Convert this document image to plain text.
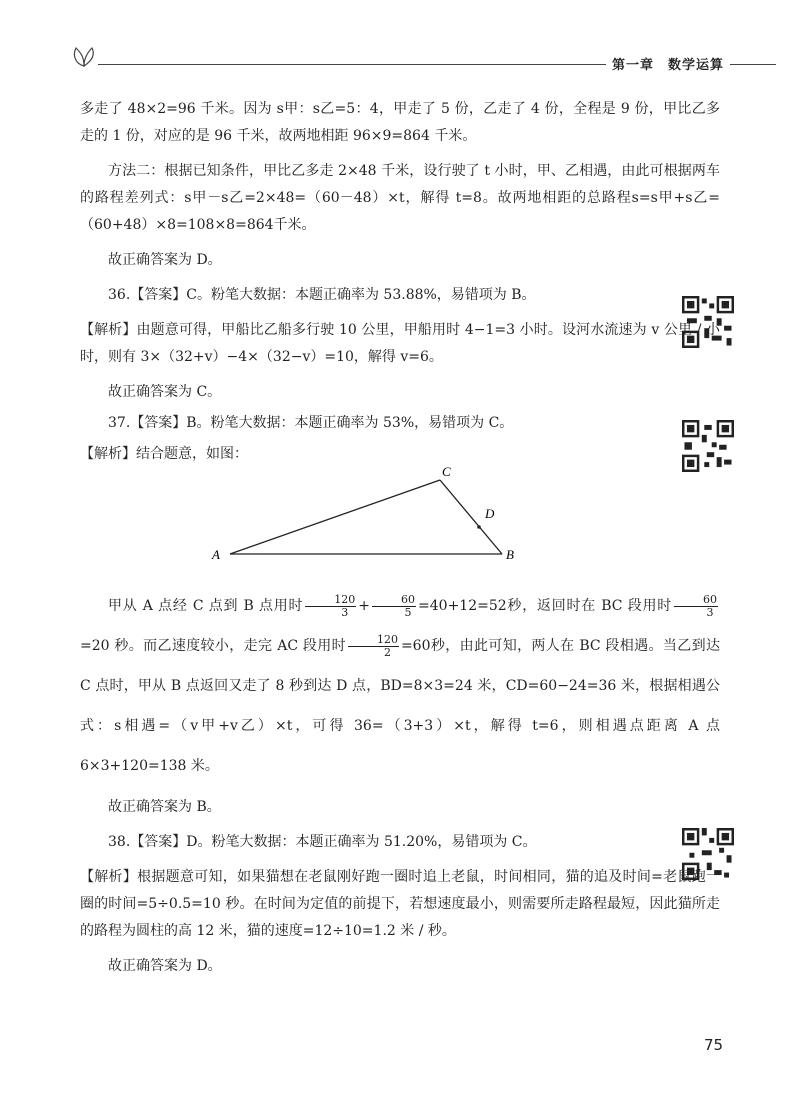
第一章　数学运算

多走了 48×2=96 千米。因为 s甲：s乙=5：4，甲走了 5 份，乙走了 4 份，全程是 9 份，甲比乙多走的 1 份，对应的是 96 千米，故两地相距 96×9=864 千米。

方法二：根据已知条件，甲比乙多走 2×48 千米，设行驶了 t 小时，甲、乙相遇，由此可根据两车的路程差列式：s甲－s乙=2×48=（60－48）×t，解得 t=8。故两地相距的总路程s=s甲+s乙=（60+48）×8=108×8=864千米。

故正确答案为 D。

36.【答案】C。粉笔大数据：本题正确率为 53.88%，易错项为 B。

【解析】由题意可得，甲船比乙船多行驶 10 公里，甲船用时 4−1=3 小时。设河水流速为 v 公里 / 小时，则有 3×（32+v）−4×（32−v）=10，解得 v=6。

故正确答案为 C。

37.【答案】B。粉笔大数据：本题正确率为 53%，易错项为 C。

【解析】结合题意，如图：

C
D
A	B

甲从 A 点经 C 点到 B 点用时 $\frac{120}{3} + \frac{60}{5} =40+12=52$秒，返回时在 BC 段用时 $\frac{60}{3}$
=20 秒。而乙速度较小，走完 AC 段用时 $\frac{120}{2} =60$秒，由此可知，两人在 BC 段相遇。当乙到达 C 点时，甲从 B 点返回又走了 8 秒到达 D 点，BD=8×3=24 米，CD=60−24=36 米，根据相遇公式：s相遇=（v甲+v乙）×t，可得 36=（3+3）×t，解得 t=6，则相遇点距离 A 点 6×3+120=138 米。

故正确答案为 B。

38.【答案】D。粉笔大数据：本题正确率为 51.20%，易错项为 C。

【解析】根据题意可知，如果猫想在老鼠刚好跑一圈时追上老鼠，时间相同，猫的追及时间=老鼠跑一圈的时间=5÷0.5=10 秒。在时间为定值的前提下，若想速度最小，则需要所走路程最短，因此猫所走的路程为圆柱的高 12 米，猫的速度=12÷10=1.2 米 / 秒。

故正确答案为 D。

75
